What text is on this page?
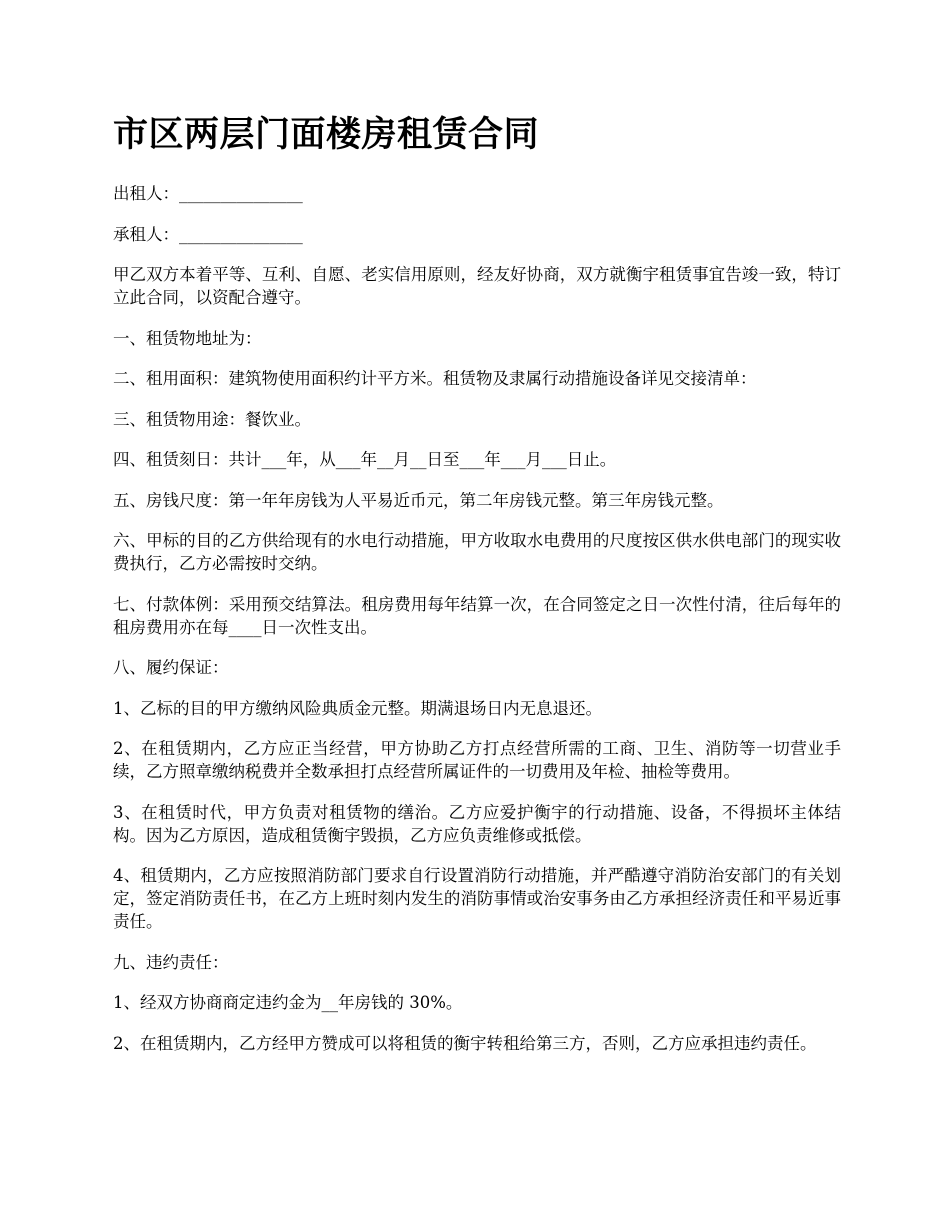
市区两层门面楼房租赁合同

出租人：_______________

承租人：_______________

甲乙双方本着平等、互利、自愿、老实信用原则，经友好协商，双方就衡宇租赁事宜告竣一致，特订立此合同，以资配合遵守。

一、租赁物地址为：

二、租用面积：建筑物使用面积约计平方米。租赁物及隶属行动措施设备详见交接清单：

三、租赁物用途：餐饮业。

四、租赁刻日：共计___年，从___年__月__日至___年___月___日止。

五、房钱尺度：第一年年房钱为人平易近币元，第二年房钱元整。第三年房钱元整。

六、甲标的目的乙方供给现有的水电行动措施，甲方收取水电费用的尺度按区供水供电部门的现实收费执行，乙方必需按时交纳。

七、付款体例：采用预交结算法。租房费用每年结算一次，在合同签定之日一次性付清，往后每年的租房费用亦在每____日一次性支出。

八、履约保证：

1、乙标的目的甲方缴纳风险典质金元整。期满退场日内无息退还。

2、在租赁期内，乙方应正当经营，甲方协助乙方打点经营所需的工商、卫生、消防等一切营业手续，乙方照章缴纳税费并全数承担打点经营所属证件的一切费用及年检、抽检等费用。

3、在租赁时代，甲方负责对租赁物的缮治。乙方应爱护衡宇的行动措施、设备，不得损坏主体结构。因为乙方原因，造成租赁衡宇毁损，乙方应负责维修或抵偿。

4、租赁期内，乙方应按照消防部门要求自行设置消防行动措施，并严酷遵守消防治安部门的有关划定，签定消防责任书，在乙方上班时刻内发生的消防事情或治安事务由乙方承担经济责任和平易近事责任。

九、违约责任：

1、经双方协商商定违约金为__年房钱的 30%。

2、在租赁期内，乙方经甲方赞成可以将租赁的衡宇转租给第三方，否则，乙方应承担违约责任。
